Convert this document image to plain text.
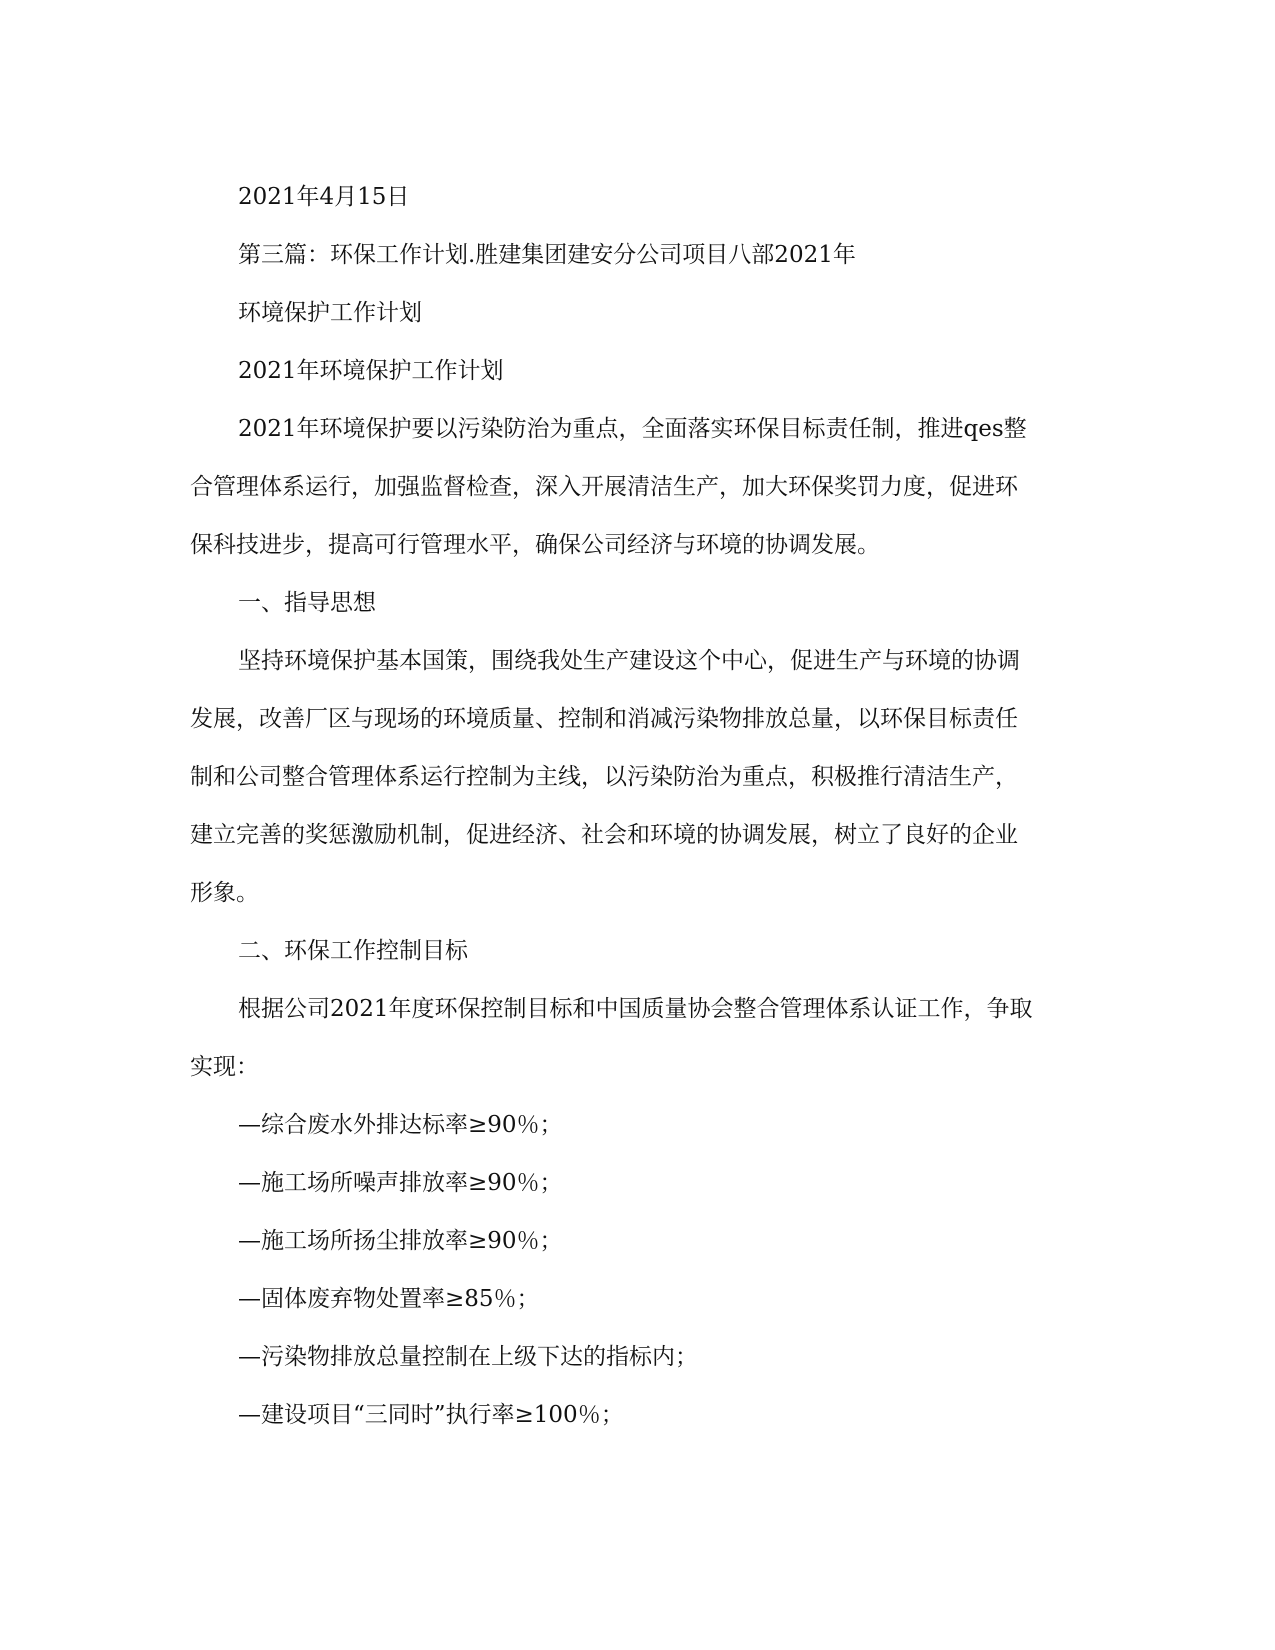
2021年4月15日
第三篇：环保工作计划.胜建集团建安分公司项目八部2021年
环境保护工作计划
2021年环境保护工作计划
2021年环境保护要以污染防治为重点，全面落实环保目标责任制，推进qes整
合管理体系运行，加强监督检查，深入开展清洁生产，加大环保奖罚力度，促进环
保科技进步，提高可行管理水平，确保公司经济与环境的协调发展。
一、指导思想
坚持环境保护基本国策，围绕我处生产建设这个中心，促进生产与环境的协调
发展，改善厂区与现场的环境质量、控制和消减污染物排放总量，以环保目标责任
制和公司整合管理体系运行控制为主线，以污染防治为重点，积极推行清洁生产，
建立完善的奖惩激励机制，促进经济、社会和环境的协调发展，树立了良好的企业
形象。
二、环保工作控制目标
根据公司2021年度环保控制目标和中国质量协会整合管理体系认证工作，争取
实现：
—综合废水外排达标率≥90％；
—施工场所噪声排放率≥90％；
—施工场所扬尘排放率≥90％；
—固体废弃物处置率≥85％；
—污染物排放总量控制在上级下达的指标内；
—建设项目“三同时”执行率≥100％；
